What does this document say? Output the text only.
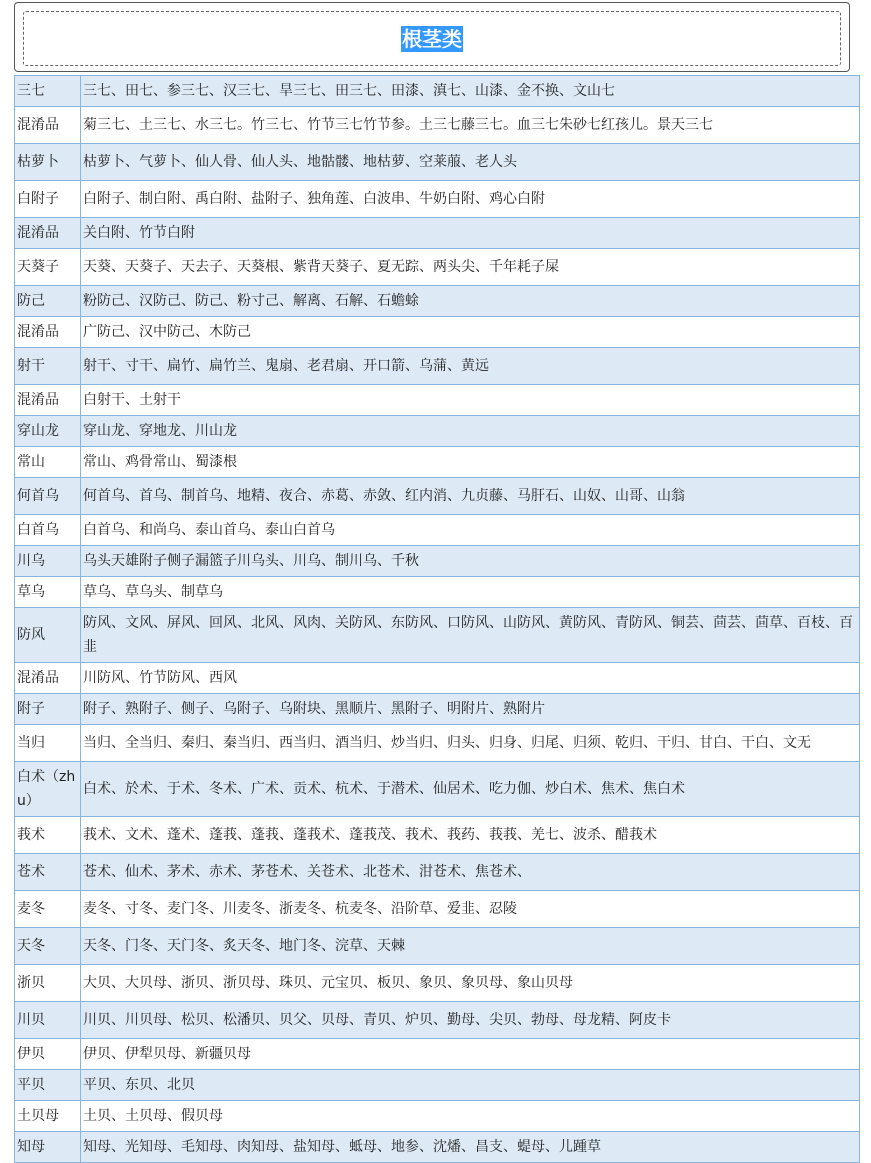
根茎类
三七	三七、田七、参三七、汉三七、旱三七、田三七、田漆、滇七、山漆、金不换、文山七
混淆品	菊三七、土三七、水三七。竹三七、竹节三七竹节参。土三七藤三七。血三七朱砂七红孩儿。景天三七
枯萝卜	枯萝卜、气萝卜、仙人骨、仙人头、地骷髅、地枯萝、空莱菔、老人头
白附子	白附子、制白附、禹白附、盐附子、独角莲、白波串、牛奶白附、鸡心白附
混淆品	关白附、竹节白附
天葵子	天葵、天葵子、天去子、天葵根、紫背天葵子、夏无踪、两头尖、千年耗子屎
防己	粉防己、汉防己、防己、粉寸己、解离、石解、石蟾蜍
混淆品	广防己、汉中防己、木防己
射干	射干、寸干、扁竹、扁竹兰、鬼扇、老君扇、开口箭、乌蒲、黄远
混淆品	白射干、土射干
穿山龙	穿山龙、穿地龙、川山龙
常山	常山、鸡骨常山、蜀漆根
何首乌	何首乌、首乌、制首乌、地精、夜合、赤葛、赤敛、红内消、九贞藤、马肝石、山奴、山哥、山翁
白首乌	白首乌、和尚乌、泰山首乌、泰山白首乌
川乌	乌头天雄附子侧子漏篮子川乌头、川乌、制川乌、千秋
草乌	草乌、草乌头、制草乌
防风	防风、文风、屏风、回风、北风、风肉、关防风、东防风、口防风、山防风、黄防风、青防风、铜芸、茴芸、茴草、百枝、百韭
混淆品	川防风、竹节防风、西风
附子	附子、熟附子、侧子、乌附子、乌附块、黑顺片、黑附子、明附片、熟附片
当归	当归、全当归、秦归、秦当归、西当归、酒当归、炒当归、归头、归身、归尾、归须、乾归、干归、甘白、干白、文无
白术（zhu）	白术、於术、于术、冬术、广术、贡术、杭术、于潜术、仙居术、吃力伽、炒白术、焦术、焦白术
莪术	莪术、文术、蓬术、蓬莪、蓬莪、蓬莪术、蓬莪茂、莪术、莪药、莪莪、羌七、波杀、醋莪术
苍术	苍术、仙术、茅术、赤术、茅苍术、关苍术、北苍术、泔苍术、焦苍术、
麦冬	麦冬、寸冬、麦门冬、川麦冬、浙麦冬、杭麦冬、沿阶草、爱韭、忍陵
天冬	天冬、门冬、天门冬、炙天冬、地门冬、浣草、天棘
浙贝	大贝、大贝母、浙贝、浙贝母、珠贝、元宝贝、板贝、象贝、象贝母、象山贝母
川贝	川贝、川贝母、松贝、松潘贝、贝父、贝母、青贝、炉贝、勤母、尖贝、勃母、母龙精、阿皮卡
伊贝	伊贝、伊犁贝母、新疆贝母
平贝	平贝、东贝、北贝
土贝母	土贝、土贝母、假贝母
知母	知母、光知母、毛知母、肉知母、盐知母、蚳母、地参、沈燔、昌支、蝭母、儿踵草
